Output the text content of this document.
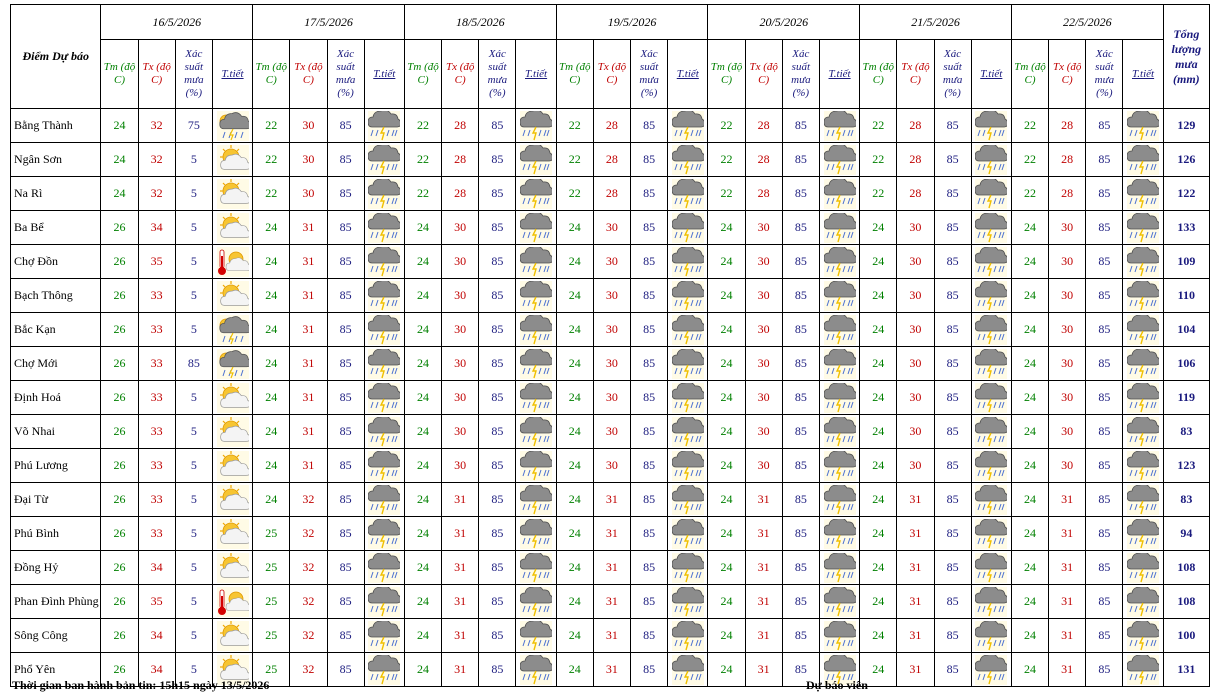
Điểm Dự báo	16/5/2026				17/5/2026				18/5/2026				19/5/2026				20/5/2026				21/5/2026				22/5/2026				Tổng lượng mưa (mm)
	Tm (độ C)	Tx (độ C)	Xác suất mưa (%)	T.tiết	Tm (độ C)	Tx (độ C)	Xác suất mưa (%)	T.tiết	Tm (độ C)	Tx (độ C)	Xác suất mưa (%)	T.tiết	Tm (độ C)	Tx (độ C)	Xác suất mưa (%)	T.tiết	Tm (độ C)	Tx (độ C)	Xác suất mưa (%)	T.tiết	Tm (độ C)	Tx (độ C)	Xác suất mưa (%)	T.tiết	Tm (độ C)	Tx (độ C)	Xác suất mưa (%)	T.tiết	
Bằng Thành	24	32	75		22	30	85		22	28	85		22	28	85		22	28	85		22	28	85		22	28	85		129
Ngân Sơn	24	32	5		22	30	85		22	28	85		22	28	85		22	28	85		22	28	85		22	28	85		126
Na Rì	24	32	5		22	30	85		22	28	85		22	28	85		22	28	85		22	28	85		22	28	85		122
Ba Bể	26	34	5		24	31	85		24	30	85		24	30	85		24	30	85		24	30	85		24	30	85		133
Chợ Đồn	26	35	5		24	31	85		24	30	85		24	30	85		24	30	85		24	30	85		24	30	85		109
Bạch Thông	26	33	5		24	31	85		24	30	85		24	30	85		24	30	85		24	30	85		24	30	85		110
Bắc Kạn	26	33	5		24	31	85		24	30	85		24	30	85		24	30	85		24	30	85		24	30	85		104
Chợ Mới	26	33	85		24	31	85		24	30	85		24	30	85		24	30	85		24	30	85		24	30	85		106
Định Hoá	26	33	5		24	31	85		24	30	85		24	30	85		24	30	85		24	30	85		24	30	85		119
Võ Nhai	26	33	5		24	31	85		24	30	85		24	30	85		24	30	85		24	30	85		24	30	85		83
Phú Lương	26	33	5		24	31	85		24	30	85		24	30	85		24	30	85		24	30	85		24	30	85		123
Đại Từ	26	33	5		24	32	85		24	31	85		24	31	85		24	31	85		24	31	85		24	31	85		83
Phú Bình	26	33	5		25	32	85		24	31	85		24	31	85		24	31	85		24	31	85		24	31	85		94
Đồng Hỷ	26	34	5		25	32	85		24	31	85		24	31	85		24	31	85		24	31	85		24	31	85		108
Phan Đình Phùng	26	35	5		25	32	85		24	31	85		24	31	85		24	31	85		24	31	85		24	31	85		108
Sông Công	26	34	5		25	32	85		24	31	85		24	31	85		24	31	85		24	31	85		24	31	85		100
Phổ Yên	26	34	5		25	32	85		24	31	85		24	31	85		24	31	85		24	31	85		24	31	85		131
Thời gian ban hành bản tin: 15h15 ngày 13/5/2026	Dự báo viên
